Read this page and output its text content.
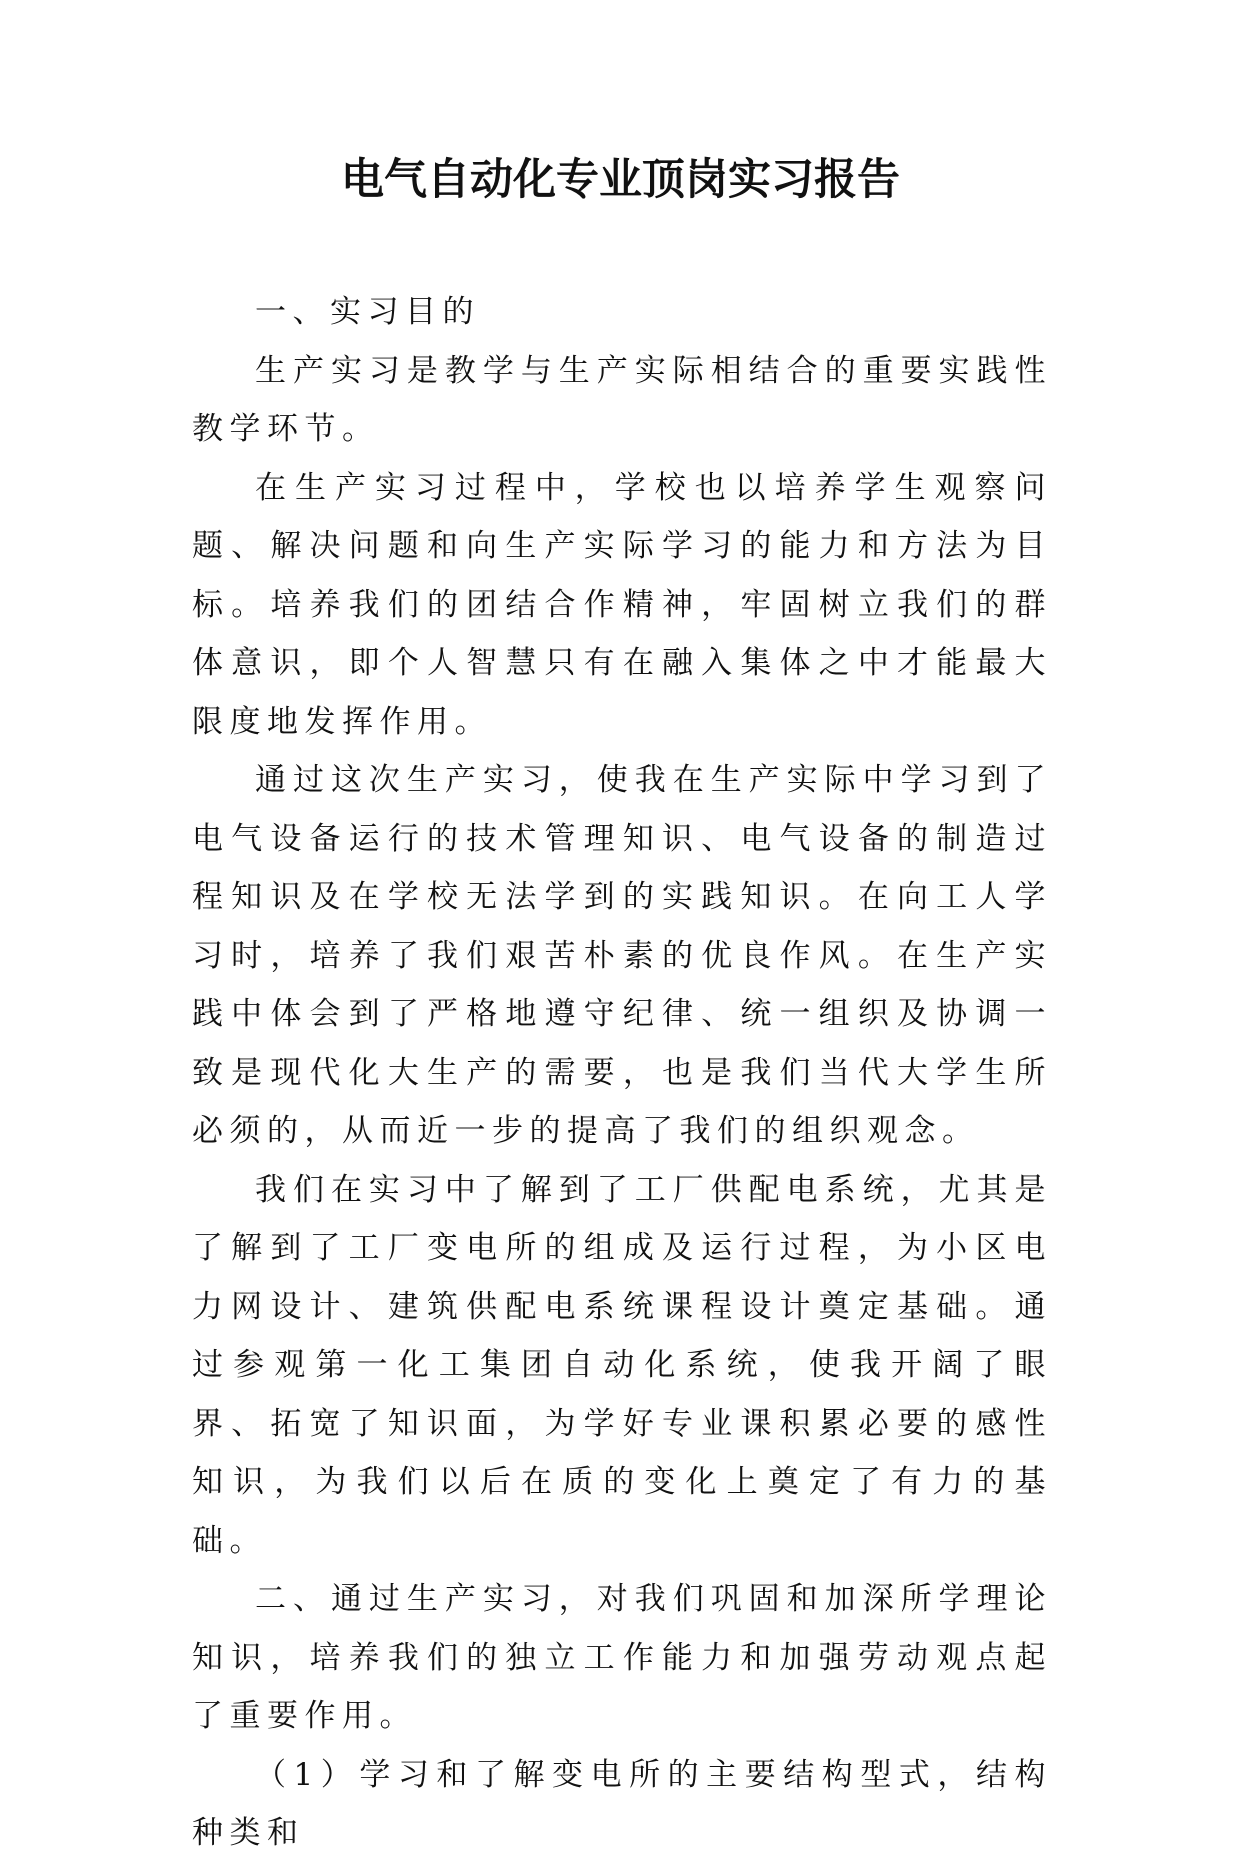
电气自动化专业顶岗实习报告

一、实习目的

生产实习是教学与生产实际相结合的重要实践性教学环节。

在生产实习过程中，学校也以培养学生观察问题、解决问题和向生产实际学习的能力和方法为目标。培养我们的团结合作精神，牢固树立我们的群体意识，即个人智慧只有在融入集体之中才能最大限度地发挥作用。

通过这次生产实习，使我在生产实际中学习到了电气设备运行的技术管理知识、电气设备的制造过程知识及在学校无法学到的实践知识。在向工人学习时，培养了我们艰苦朴素的优良作风。在生产实践中体会到了严格地遵守纪律、统一组织及协调一致是现代化大生产的需要，也是我们当代大学生所必须的，从而近一步的提高了我们的组织观念。

我们在实习中了解到了工厂供配电系统，尤其是了解到了工厂变电所的组成及运行过程，为小区电力网设计、建筑供配电系统课程设计奠定基础。通过参观第一化工集团自动化系统，使我开阔了眼界、拓宽了知识面，为学好专业课积累必要的感性知识，为我们以后在质的变化上奠定了有力的基础。

二、通过生产实习，对我们巩固和加深所学理论知识，培养我们的独立工作能力和加强劳动观点起了重要作用。

（1）学习和了解变电所的主要结构型式，结构种类和
